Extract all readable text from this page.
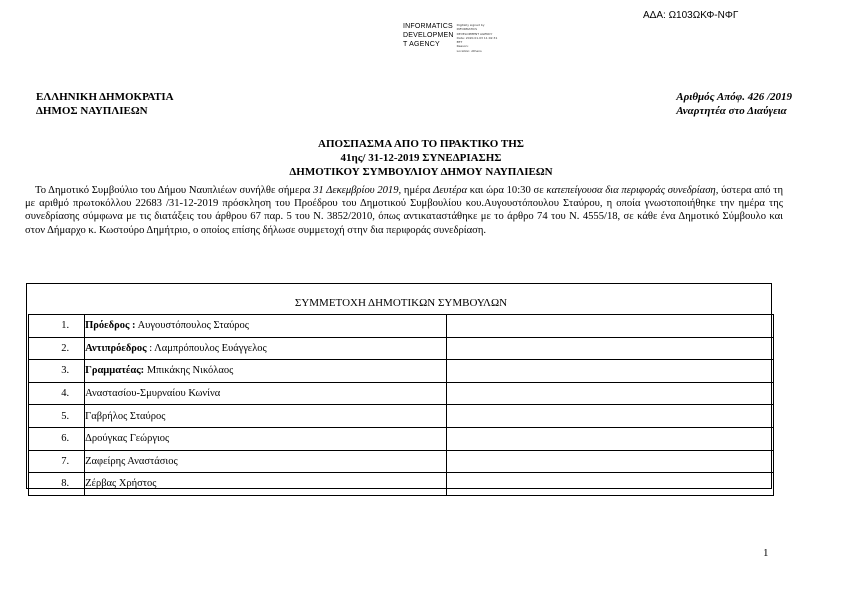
ΑΔΑ: Ω103ΩΚΦ-ΝΦΓ
INFORMATICS
DEVELOPMEN
T AGENCY
Digitally signed by
INFORMATICS
DEVELOPMENT AGENCY
Date: 2020.01.03 11:02:31
EET
Reason:
Location: Athens
ΕΛΛΗΝΙΚΗ ΔΗΜΟΚΡΑΤΙΑ
ΔΗΜΟΣ ΝΑΥΠΛΙΕΩΝ
Αριθμός Απόφ. 426 /2019
Αναρτητέα στο Διαύγεια
ΑΠΟΣΠΑΣΜΑ ΑΠΟ ΤΟ ΠΡΑΚΤΙΚΟ ΤΗΣ
41ης/ 31-12-2019 ΣΥΝΕΔΡΙΑΣΗΣ
ΔΗΜΟΤΙΚΟΥ ΣΥΜΒΟΥΛΙΟΥ ΔΗΜΟΥ ΝΑΥΠΛΙΕΩΝ
Το Δημοτικό Συμβούλιο του Δήμου Ναυπλιέων συνήλθε σήμερα 31 Δεκεμβρίου 2019, ημέρα Δευτέρα και ώρα 10:30 σε κατεπείγουσα δια περιφοράς συνεδρίαση, ύστερα από τη με αριθμό πρωτοκόλλου 22683 /31-12-2019 πρόσκληση του Προέδρου του Δημοτικού Συμβουλίου κου.Αυγουστόπουλου Σταύρου, η οποία γνωστοποιήθηκε την ημέρα της συνεδρίασης σύμφωνα με τις διατάξεις του άρθρου 67 παρ. 5 του Ν. 3852/2010, όπως αντικαταστάθηκε με το άρθρο 74 του Ν. 4555/18, σε κάθε ένα Δημοτικό Σύμβουλο και στον Δήμαρχο κ. Κωστούρο Δημήτριο, ο οποίος επίσης δήλωσε συμμετοχή στην δια περιφοράς συνεδρίαση.
ΣΥΜΜΕΤΟΧΗ ΔΗΜΟΤΙΚΩΝ ΣΥΜΒΟΥΛΩΝ
1.	Πρόεδρος : Αυγουστόπουλος Σταύρος	
2.	Αντιπρόεδρος : Λαμπρόπουλος Ευάγγελος	
3.	Γραμματέας: Μπικάκης Νικόλαος	
4.	Αναστασίου-Σμυρναίου Κωνίνα	
5.	Γαβρήλος Σταύρος	
6.	Δρούγκας Γεώργιος	
7.	Ζαφείρης Αναστάσιος	
8.	Ζέρβας Χρήστος	
1
